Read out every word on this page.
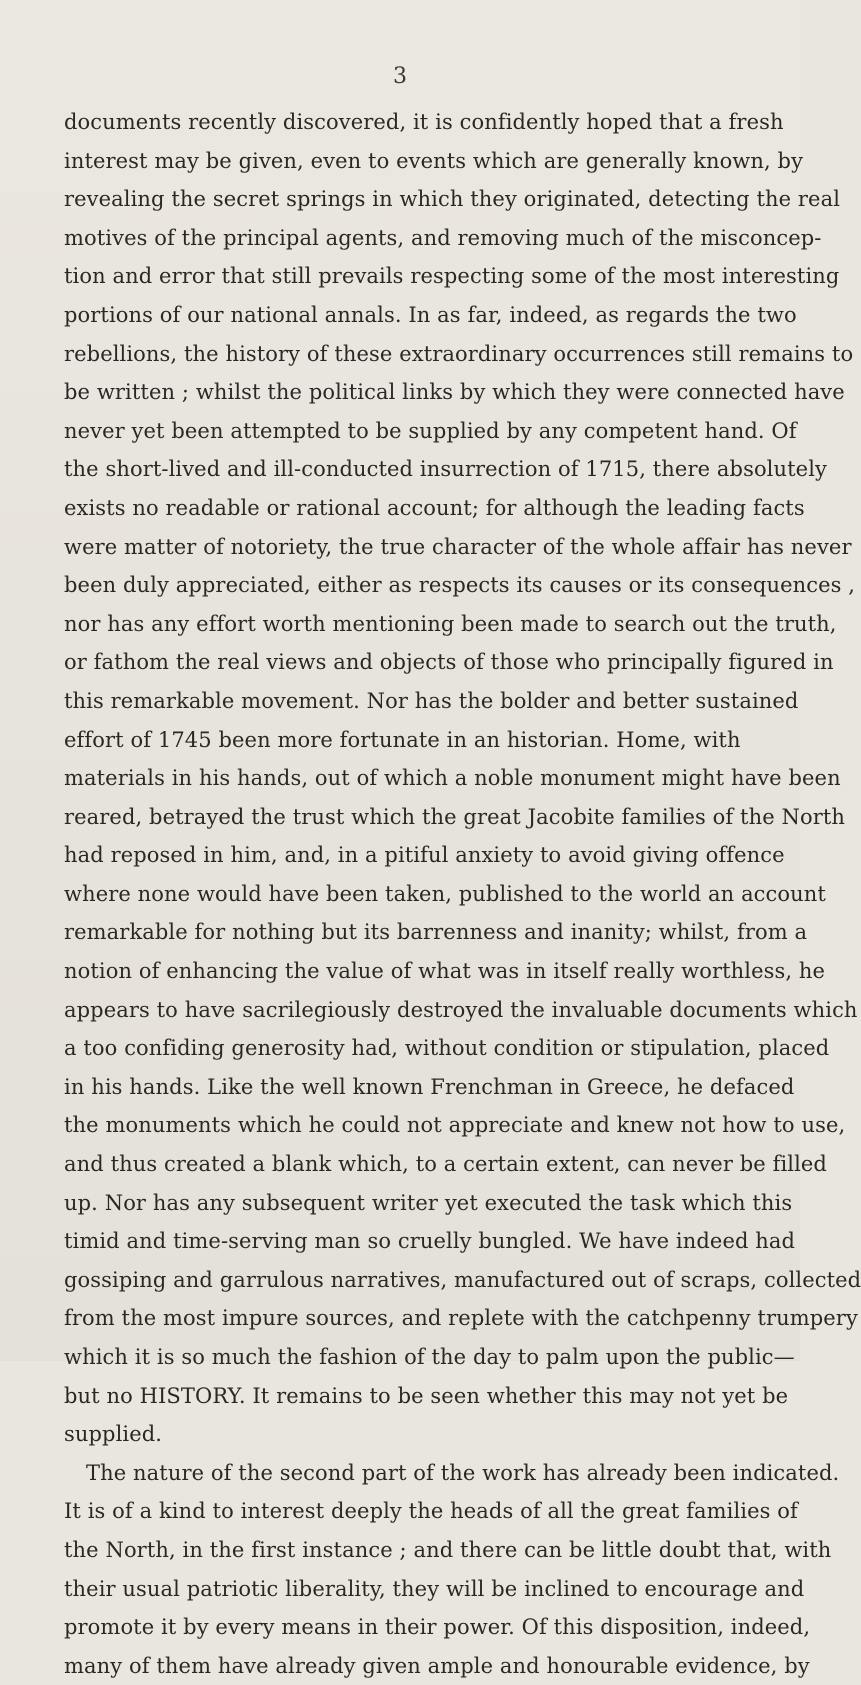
3
documents recently discovered, it is confidently hoped that a fresh
interest may be given, even to events which are generally known, by
revealing the secret springs in which they originated, detecting the real
motives of the principal agents, and removing much of the misconcep-
tion and error that still prevails respecting some of the most interesting
portions of our national annals. In as far, indeed, as regards the two
rebellions, the history of these extraordinary occurrences still remains to
be written ; whilst the political links by which they were connected have
never yet been attempted to be supplied by any competent hand. Of
the short-lived and ill-conducted insurrection of 1715, there absolutely
exists no readable or rational account; for although the leading facts
were matter of notoriety, the true character of the whole affair has never
been duly appreciated, either as respects its causes or its consequences ,
nor has any effort worth mentioning been made to search out the truth,
or fathom the real views and objects of those who principally figured in
this remarkable movement. Nor has the bolder and better sustained
effort of 1745 been more fortunate in an historian. Home, with
materials in his hands, out of which a noble monument might have been
reared, betrayed the trust which the great Jacobite families of the North
had reposed in him, and, in a pitiful anxiety to avoid giving offence
where none would have been taken, published to the world an account
remarkable for nothing but its barrenness and inanity; whilst, from a
notion of enhancing the value of what was in itself really worthless, he
appears to have sacrilegiously destroyed the invaluable documents which
a too confiding generosity had, without condition or stipulation, placed
in his hands. Like the well known Frenchman in Greece, he defaced
the monuments which he could not appreciate and knew not how to use,
and thus created a blank which, to a certain extent, can never be filled
up. Nor has any subsequent writer yet executed the task which this
timid and time-serving man so cruelly bungled. We have indeed had
gossiping and garrulous narratives, manufactured out of scraps, collected
from the most impure sources, and replete with the catchpenny trumpery
which it is so much the fashion of the day to palm upon the public—
but no HISTORY. It remains to be seen whether this may not yet be
supplied.
The nature of the second part of the work has already been indicated.
It is of a kind to interest deeply the heads of all the great families of
the North, in the first instance ; and there can be little doubt that, with
their usual patriotic liberality, they will be inclined to encourage and
promote it by every means in their power. Of this disposition, indeed,
many of them have already given ample and honourable evidence, by
